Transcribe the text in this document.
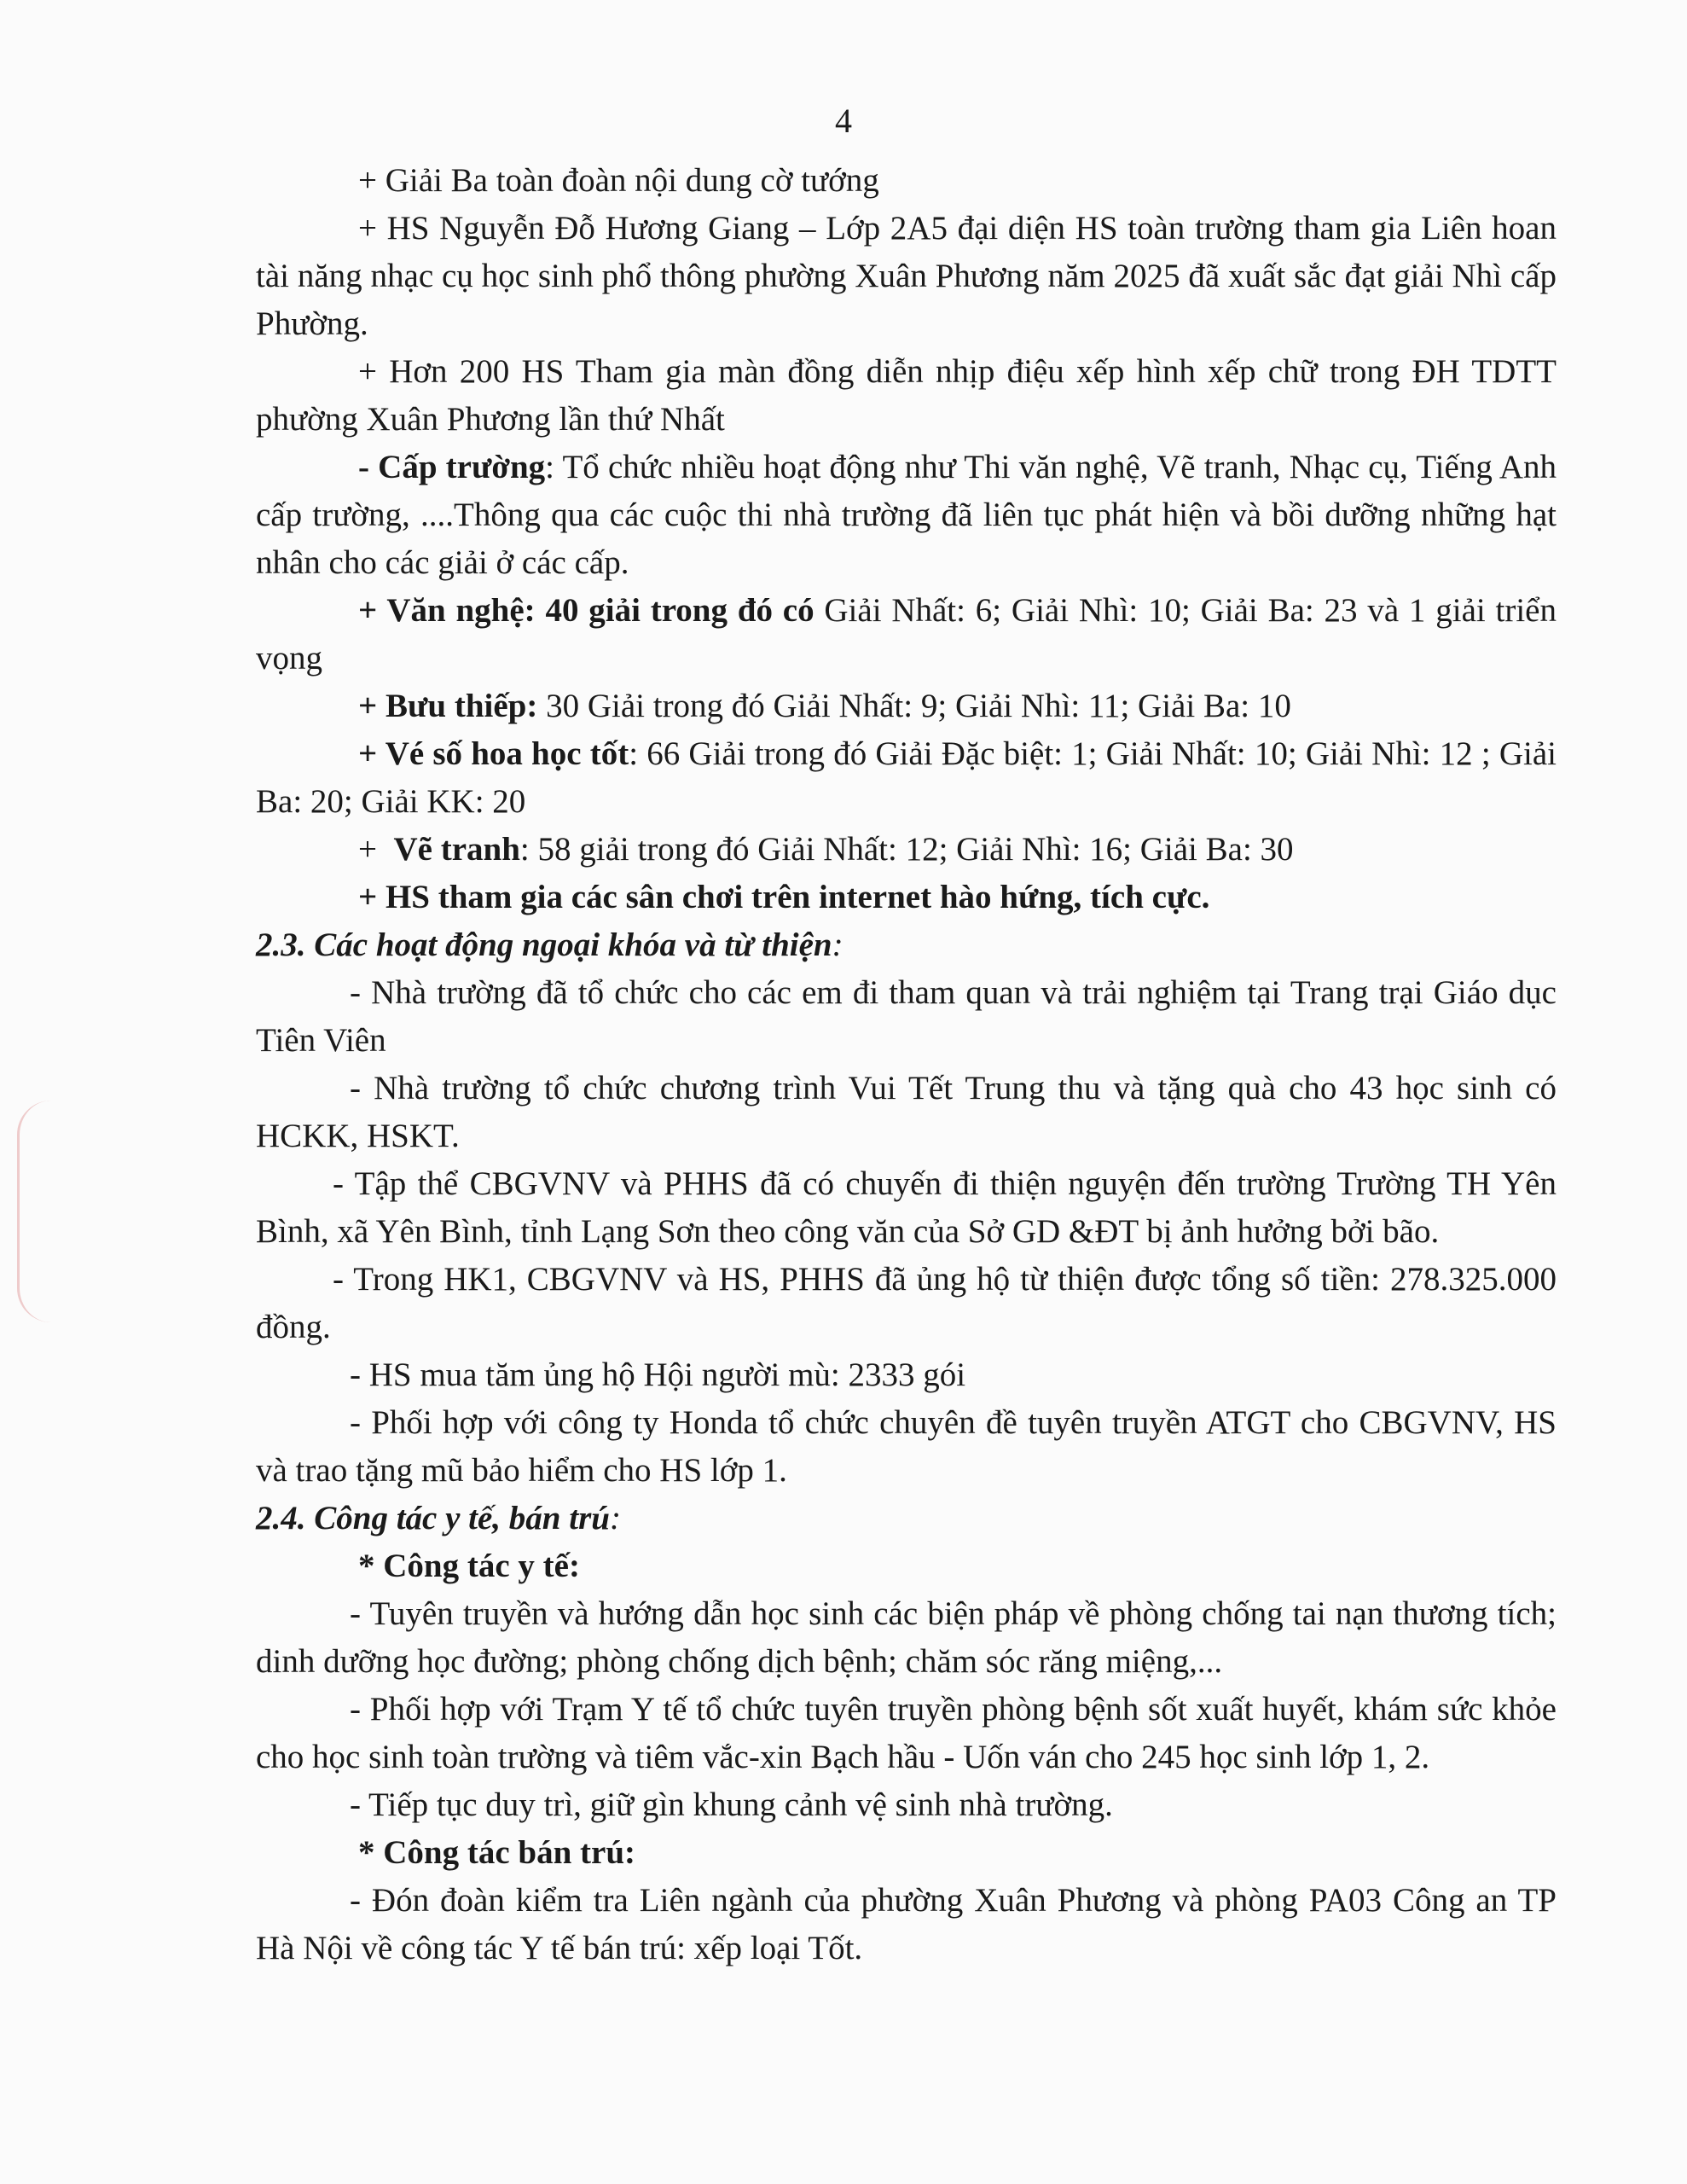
4

+ Giải Ba toàn đoàn nội dung cờ tướng

+ HS Nguyễn Đỗ Hương Giang – Lớp 2A5 đại diện HS toàn trường tham gia Liên hoan tài năng nhạc cụ học sinh phổ thông phường Xuân Phương năm 2025 đã xuất sắc đạt giải Nhì cấp Phường.

+ Hơn 200 HS Tham gia màn đồng diễn nhịp điệu xếp hình xếp chữ trong ĐH TDTT phường Xuân Phương lần thứ Nhất

- Cấp trường: Tổ chức nhiều hoạt động như Thi văn nghệ, Vẽ tranh, Nhạc cụ, Tiếng Anh cấp trường, ....Thông qua các cuộc thi nhà trường đã liên tục phát hiện và bồi dưỡng những hạt nhân cho các giải ở các cấp.

+ Văn nghệ: 40 giải trong đó có Giải Nhất: 6; Giải Nhì: 10; Giải Ba: 23 và 1 giải triển vọng

+ Bưu thiếp: 30 Giải trong đó Giải Nhất: 9; Giải Nhì: 11; Giải Ba: 10

+ Vé số hoa học tốt: 66 Giải trong đó Giải Đặc biệt: 1; Giải Nhất: 10; Giải Nhì: 12 ; Giải Ba: 20; Giải KK: 20

+  Vẽ tranh: 58 giải trong đó Giải Nhất: 12; Giải Nhì: 16; Giải Ba: 30

+ HS tham gia các sân chơi trên internet hào hứng, tích cực.

2.3. Các hoạt động ngoại khóa và từ thiện:

- Nhà trường đã tổ chức cho các em đi tham quan và trải nghiệm tại Trang trại Giáo dục Tiên Viên

- Nhà trường tổ chức chương trình Vui Tết Trung thu và tặng quà cho 43 học sinh có HCKK, HSKT.

- Tập thể CBGVNV và PHHS đã có chuyến đi thiện nguyện đến trường Trường TH Yên Bình, xã Yên Bình, tỉnh Lạng Sơn theo công văn của Sở GD &ĐT bị ảnh hưởng bởi bão.

- Trong HK1, CBGVNV và HS, PHHS đã ủng hộ từ thiện được tổng số tiền: 278.325.000 đồng.

- HS mua tăm ủng hộ Hội người mù: 2333 gói

- Phối hợp với công ty Honda tổ chức chuyên đề tuyên truyền ATGT cho CBGVNV, HS và trao tặng mũ bảo hiểm cho HS lớp 1.

2.4. Công tác y tế, bán trú:

* Công tác y tế:

- Tuyên truyền và hướng dẫn học sinh các biện pháp về phòng chống tai nạn thương tích; dinh dưỡng học đường; phòng chống dịch bệnh; chăm sóc răng miệng,...

- Phối hợp với Trạm Y tế tổ chức tuyên truyền phòng bệnh sốt xuất huyết, khám sức khỏe cho học sinh toàn trường và tiêm vắc-xin Bạch hầu - Uốn ván cho 245 học sinh lớp 1, 2.

- Tiếp tục duy trì, giữ gìn khung cảnh vệ sinh nhà trường.

* Công tác bán trú:

- Đón đoàn kiểm tra Liên ngành của phường Xuân Phương và phòng PA03 Công an TP Hà Nội về công tác Y tế bán trú: xếp loại Tốt.
